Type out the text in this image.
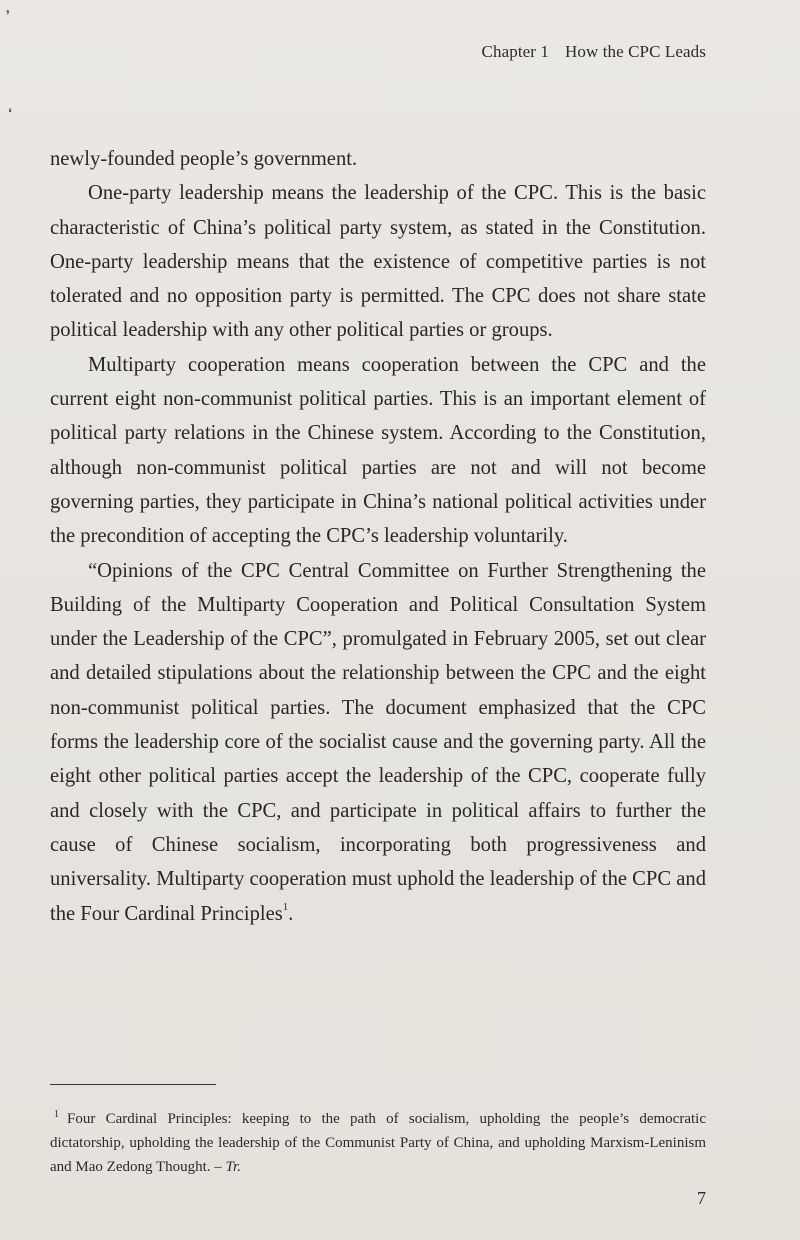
❜
❛
Chapter 1 How the CPC Leads

newly-founded people’s government.

One-party leadership means the leadership of the CPC. This is the basic characteristic of China’s political party system, as stated in the Constitution. One-party leadership means that the existence of competitive parties is not tolerated and no opposition party is permitted. The CPC does not share state political leadership with any other political parties or groups.

Multiparty cooperation means cooperation between the CPC and the current eight non-communist political parties. This is an important element of political party relations in the Chinese system. According to the Constitution, although non-communist political parties are not and will not become governing parties, they participate in China’s national political activities under the precondition of accepting the CPC’s leadership voluntarily.

“Opinions of the CPC Central Committee on Further Strengthening the Building of the Multiparty Cooperation and Political Consultation System under the Leadership of the CPC”, promulgated in February 2005, set out clear and detailed stipulations about the relationship between the CPC and the eight non-communist political parties. The document emphasized that the CPC forms the leadership core of the socialist cause and the governing party. All the eight other political parties accept the leadership of the CPC, cooperate fully and closely with the CPC, and participate in political affairs to further the cause of Chinese socialism, incorporating both progressiveness and universality. Multiparty cooperation must uphold the leadership of the CPC and the Four Cardinal Principles$^1$.

$^1$ Four Cardinal Principles: keeping to the path of socialism, upholding the people’s democratic dictatorship, upholding the leadership of the Communist Party of China, and upholding Marxism-Leninism and Mao Zedong Thought. – Tr.

7
